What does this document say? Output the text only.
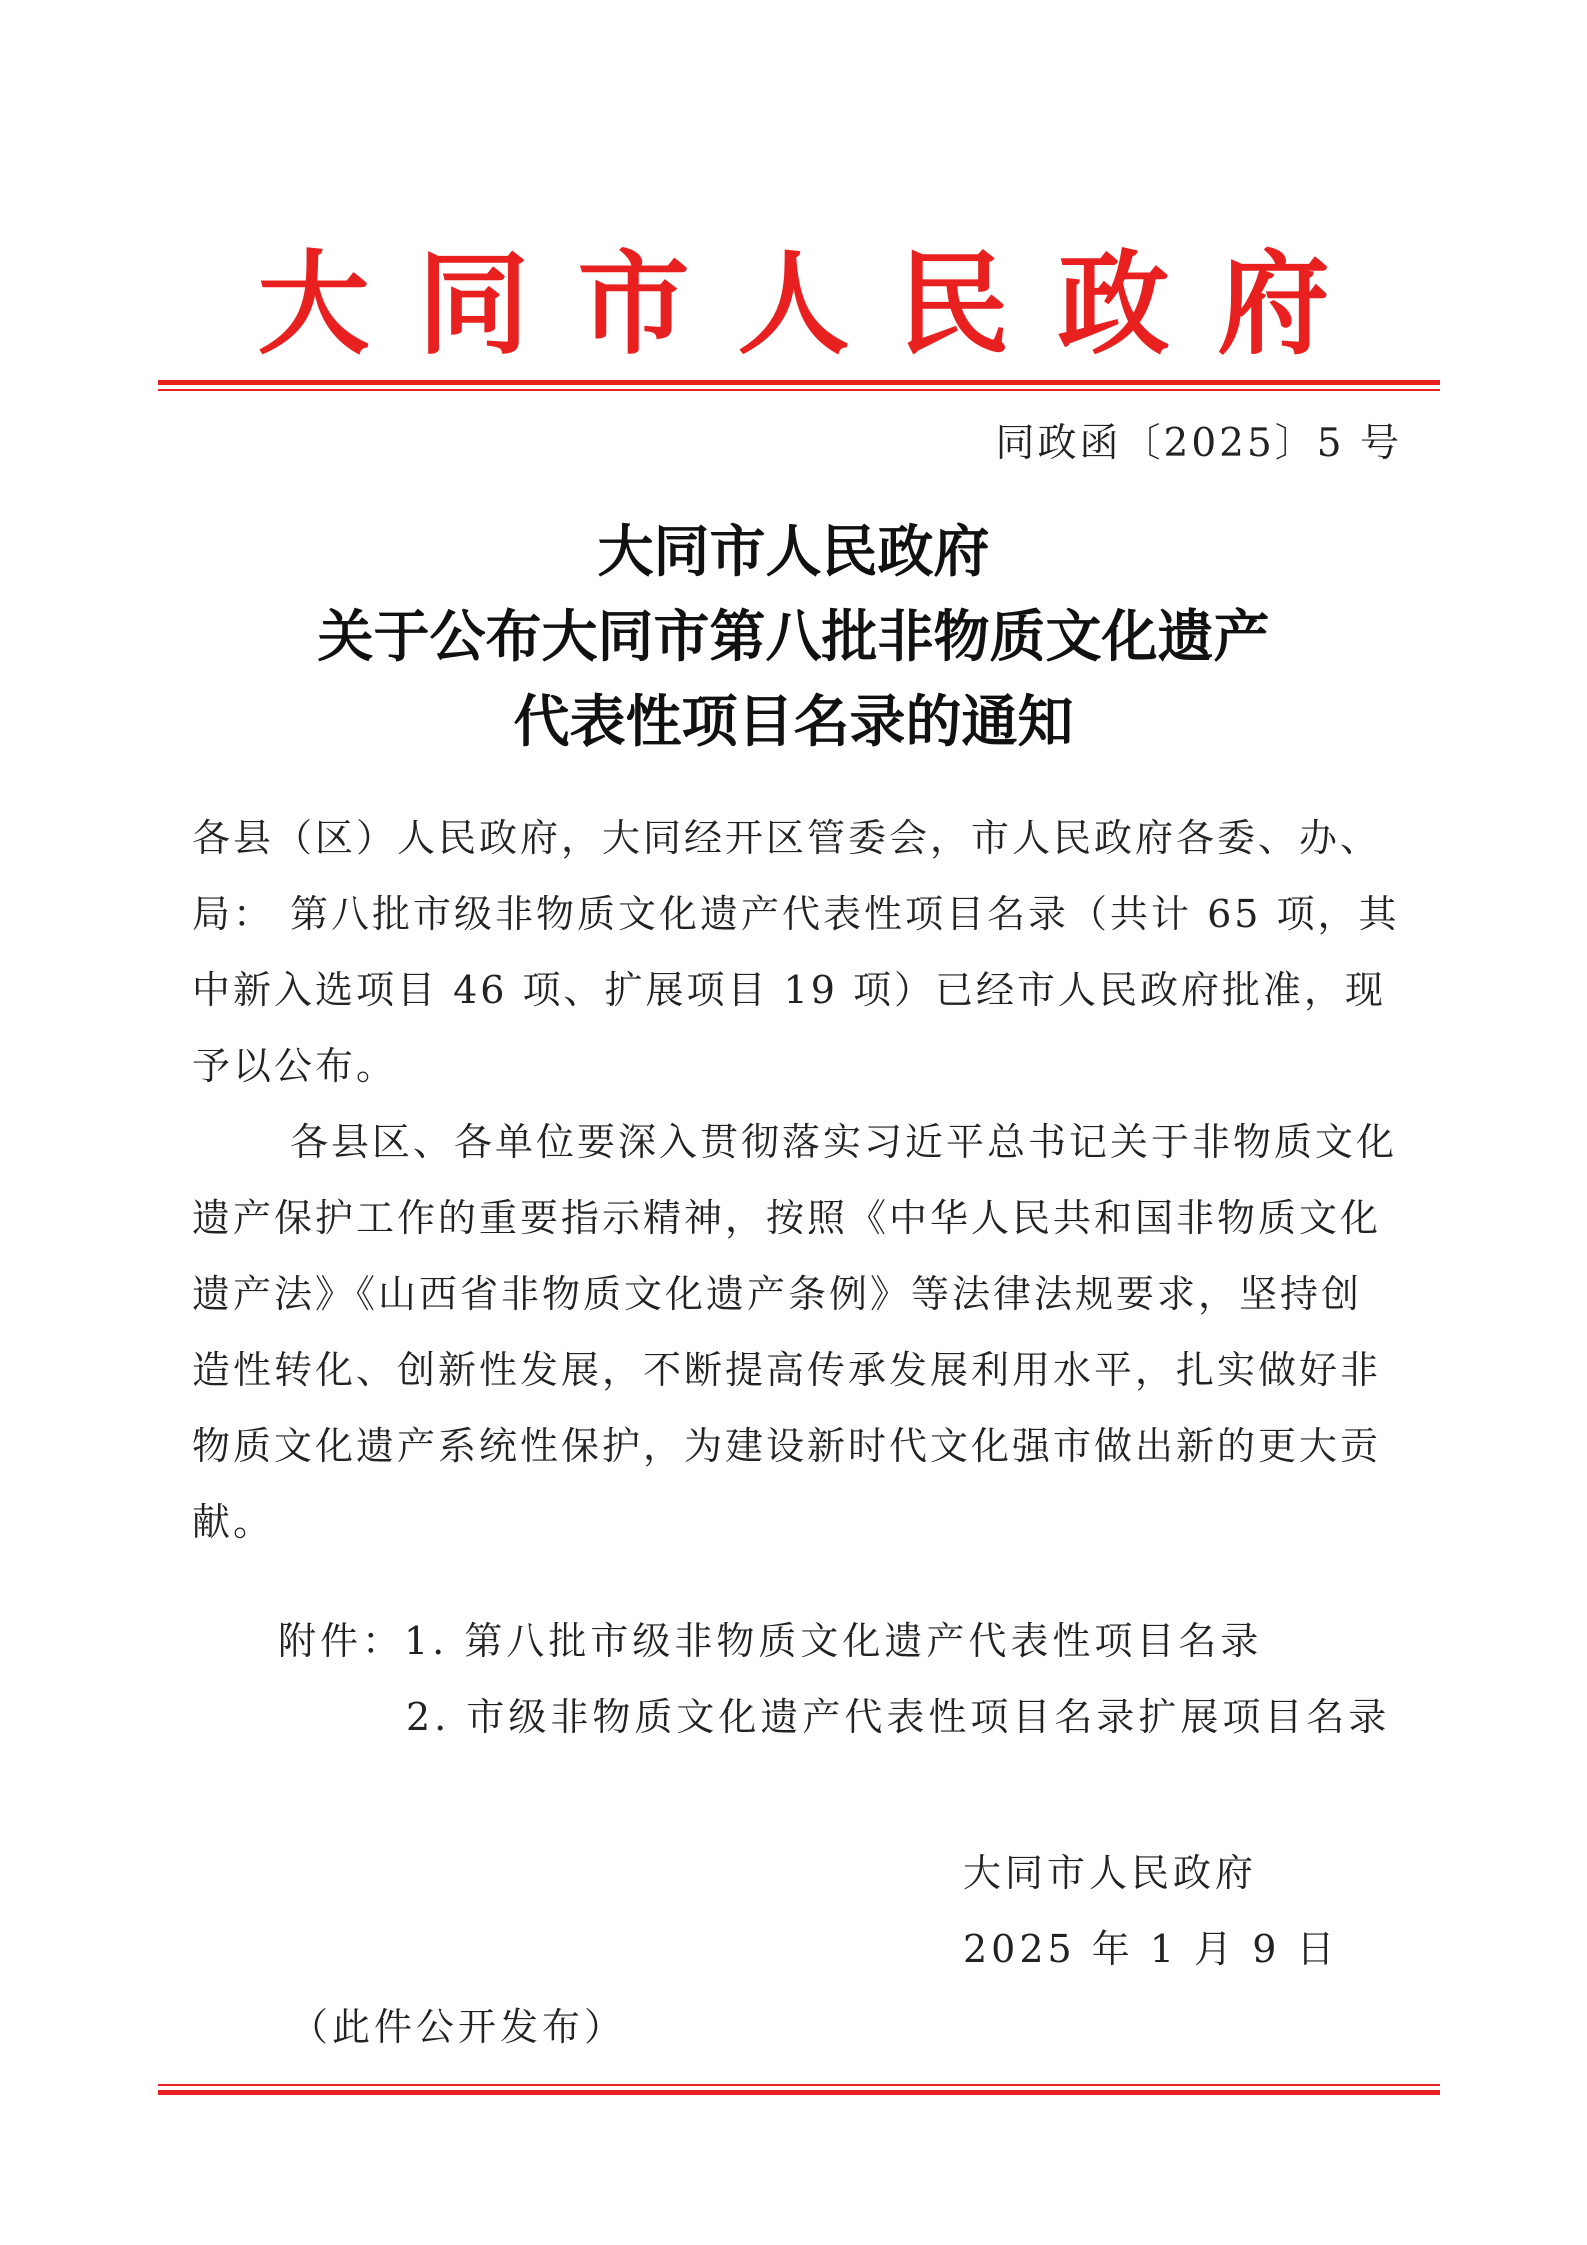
大同市人民政府
同政函〔2025〕5 号
大同市人民政府
关于公布大同市第八批非物质文化遗产
代表性项目名录的通知
各县（区）人民政府，大同经开区管委会，市人民政府各委、办、局： 第八批市级非物质文化遗产代表性项目名录（共计 65 项，其中新入选项目 46 项、扩展项目 19 项）已经市人民政府批准，现予以公布。
各县区、各单位要深入贯彻落实习近平总书记关于非物质文化遗产保护工作的重要指示精神，按照《中华人民共和国非物质文化遗产法》《山西省非物质文化遗产条例》等法律法规要求，坚持创造性转化、创新性发展，不断提高传承发展利用水平，扎实做好非物质文化遗产系统性保护，为建设新时代文化强市做出新的更大贡献。
附件：1. 第八批市级非物质文化遗产代表性项目名录
2. 市级非物质文化遗产代表性项目名录扩展项目名录
大同市人民政府
2025 年 1 月 9 日
（此件公开发布）
